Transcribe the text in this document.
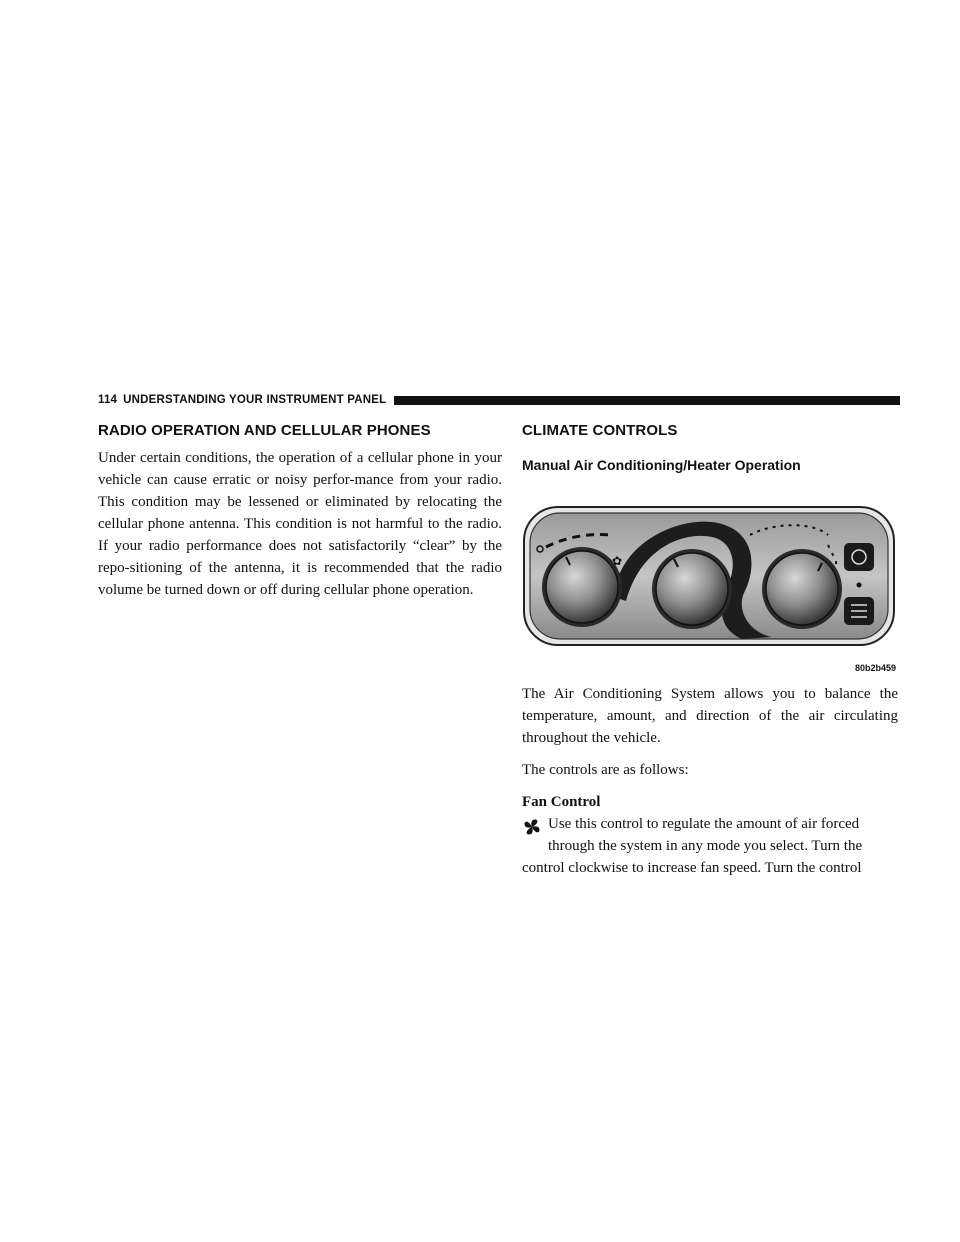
114 UNDERSTANDING YOUR INSTRUMENT PANEL
RADIO OPERATION AND CELLULAR PHONES

Under certain conditions, the operation of a cellular phone in your vehicle can cause erratic or noisy perfor-mance from your radio. This condition may be lessened or eliminated by relocating the cellular phone antenna. This condition is not harmful to the radio. If your radio performance does not satisfactorily “clear” by the repo-sitioning of the antenna, it is recommended that the radio volume be turned down or off during cellular phone operation.

CLIMATE CONTROLS
Manual Air Conditioning/Heater Operation
✿
80b2b459

The Air Conditioning System allows you to balance the temperature, amount, and direction of the air circulating throughout the vehicle.

The controls are as follows:

Fan Control

Use this control to regulate the amount of air forced
through the system in any mode you select. Turn the
control clockwise to increase fan speed. Turn the control
